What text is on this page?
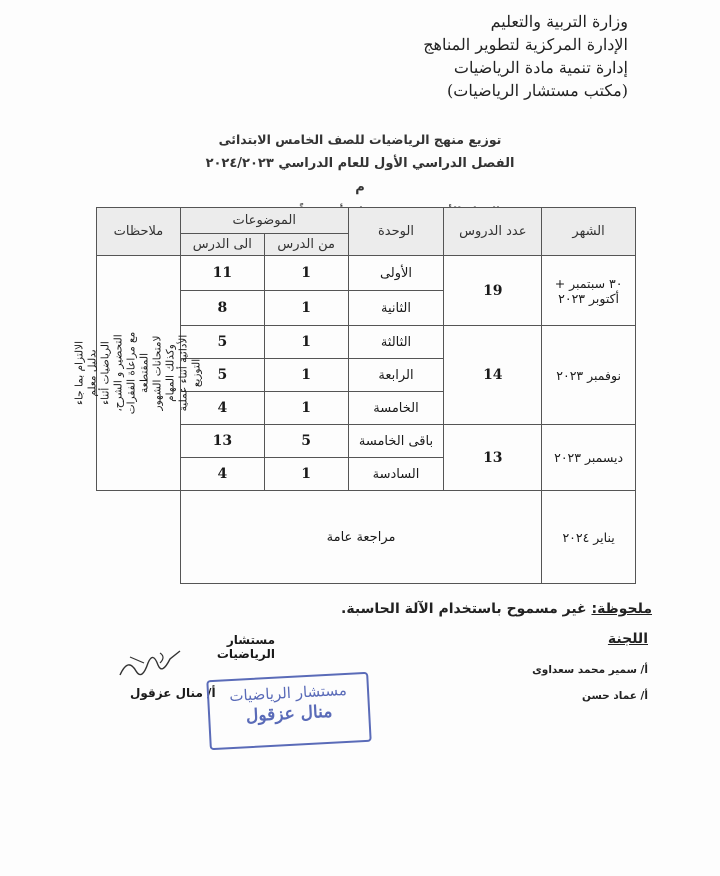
وزارة التربية والتعليم
الإدارة المركزية لتطوير المناهج
إدارة تنمية مادة الرياضيات
(مكتب مستشار الرياضيات)
توزيع منهج الرياضيات للصف الخامس الابتدائى
الفصل الدراسي الأول للعام الدراسي ٢٠٢٤/٢٠٢٣ م
الشهر	عدد الدروس	الوحدة	الموضوعات		ملاحظات
			من الدرس	الى الدرس	
٣٠ سبتمبر + أكتوبر ٢٠٢٣	19	الأولى	1	11	الالتزام بما جاء بدليل معلم الرياضيات أثناء التحضير و الشرح، مع مراعاة الفقرات المقتطعة لامتحانات الشهور وكذلك المهام الأدائية أثناء عملية التوزيع

		الثانية	1	8	
نوفمبر ٢٠٢٣	14	الثالثة	1	5	
		الرابعة	1	5	
		الخامسة	1	4	
ديسمبر ٢٠٢٣	13	باقى الخامسة	5	13	
		السادسة	1	4	
يناير ٢٠٢٤	مراجعة عامة				
ملحوظة: غير مسموح باستخدام الآلة الحاسبة.
اللجنة
أ/ سمير محمد سعداوى
أ/ عماد حسن
مستشار الرياضيات
أ/ منال عزقول مستشار الرياضيات
منال عزقول
